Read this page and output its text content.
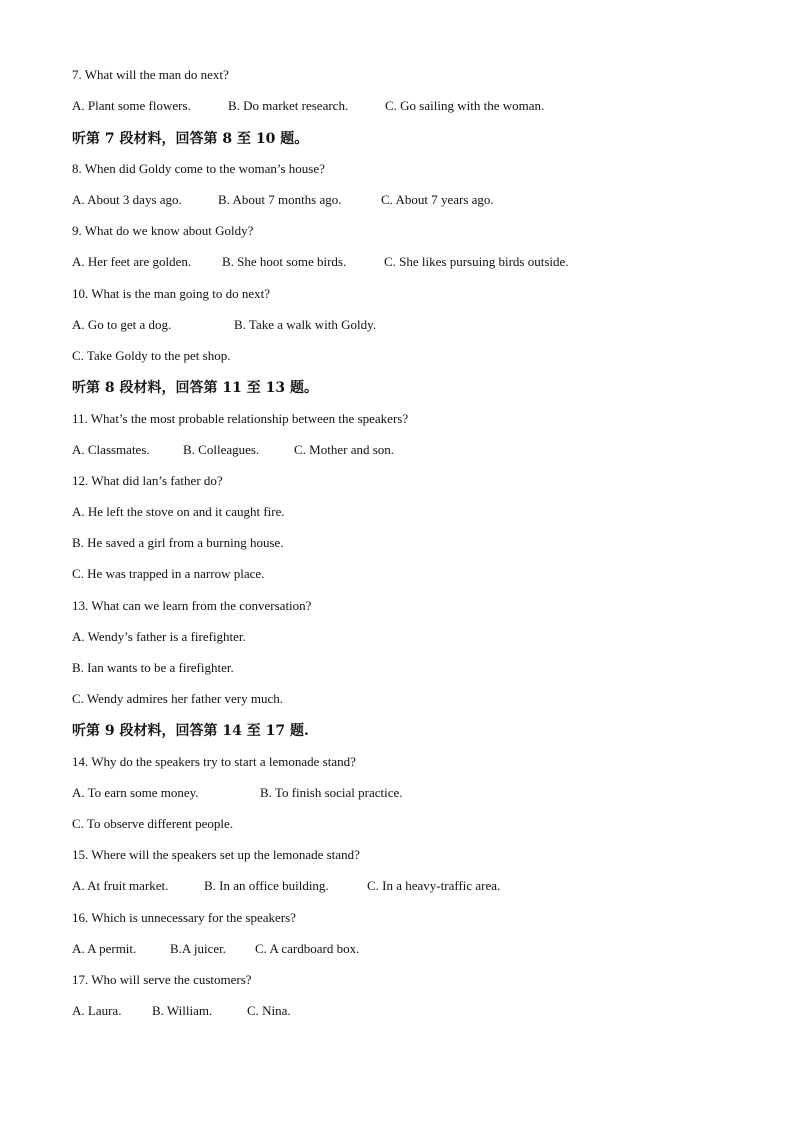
7. What will the man do next?
A. Plant some flowers.	B. Do market research.	C. Go sailing with the woman.
听第 7 段材料，回答第 8 至 10 题。
8. When did Goldy come to the woman’s house?
A. About 3 days ago.	B. About 7 months ago.	C. About 7 years ago.
9. What do we know about Goldy?
A. Her feet are golden. B. She hoot some birds.	C. She likes pursuing birds outside.
10. What is the man going to do next?
A. Go to get a dog.	B. Take a walk with Goldy.
C. Take Goldy to the pet shop.
听第 8 段材料，回答第 11 至 13 题。
11. What’s the most probable relationship between the speakers?
A. Classmates.	B. Colleagues.	C. Mother and son.
12. What did lan’s father do?
A. He left the stove on and it caught fire.
B. He saved a girl from a burning house.
C. He was trapped in a narrow place.
13. What can we learn from the conversation?
A. Wendy’s father is a firefighter.
B. Ian wants to be a firefighter.
C. Wendy admires her father very much.
听第 9 段材料，回答第 14 至 17 题.
14. Why do the speakers try to start a lemonade stand?
A. To earn some money.	B. To finish social practice.
C. To observe different people.
15. Where will the speakers set up the lemonade stand?
A. At fruit market.	B. In an office building.	C. In a heavy-traffic area.
16. Which is unnecessary for the speakers?
A. A permit.	B.A juicer. C. A cardboard box.
17. Who will serve the customers?
A. Laura. B. William.	C. Nina.
